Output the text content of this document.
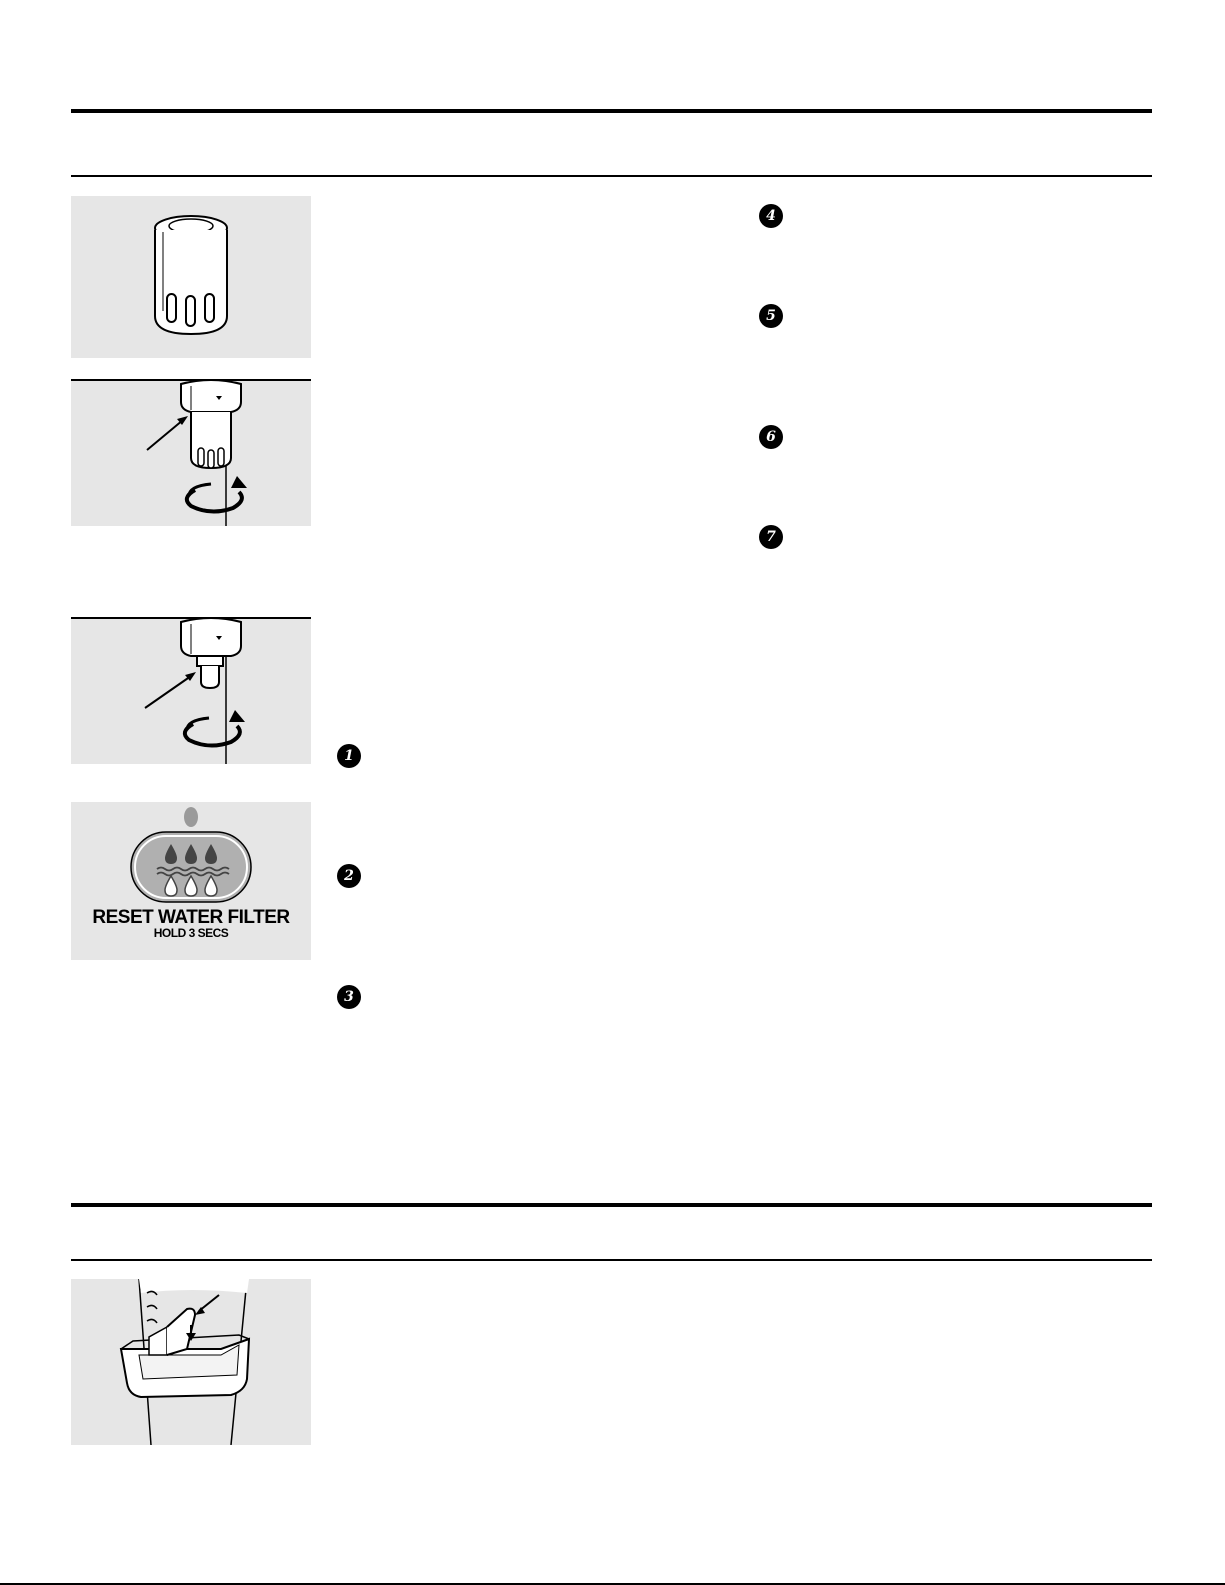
RESET WATER FILTER
HOLD 3 SECS
1
2
3
4
5
6
7
